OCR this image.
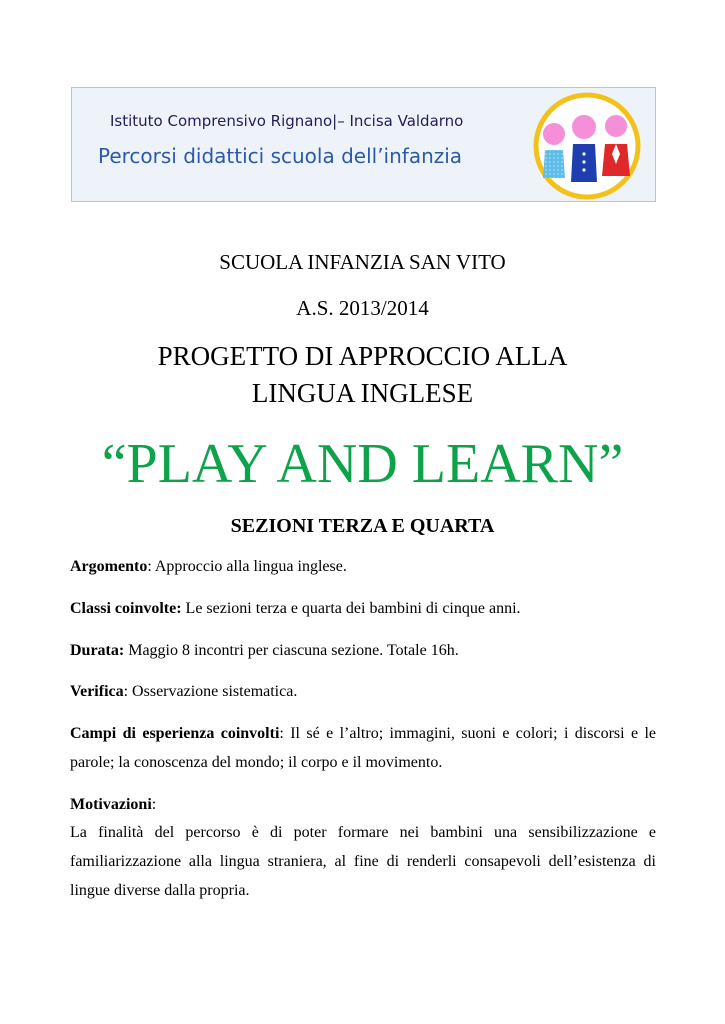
Istituto Comprensivo Rignano|– Incisa Valdarno
Percorsi didattici scuola dell’infanzia
SCUOLA INFANZIA SAN VITO
A.S. 2013/2014
PROGETTO DI APPROCCIO ALLA
LINGUA INGLESE
“PLAY AND LEARN”
SEZIONI TERZA E QUARTA
Argomento: Approccio alla lingua inglese.
Classi coinvolte: Le sezioni terza e quarta dei bambini di cinque anni.
Durata: Maggio 8 incontri per ciascuna sezione. Totale 16h.
Verifica: Osservazione sistematica.
Campi di esperienza coinvolti: Il sé e l’altro; immagini, suoni e colori; i discorsi e le parole; la conoscenza del mondo; il corpo e il movimento.
Motivazioni:
La finalità del percorso è di poter formare nei bambini una sensibilizzazione e familiarizzazione alla lingua straniera, al fine di renderli consapevoli dell’esistenza di lingue diverse dalla propria.
